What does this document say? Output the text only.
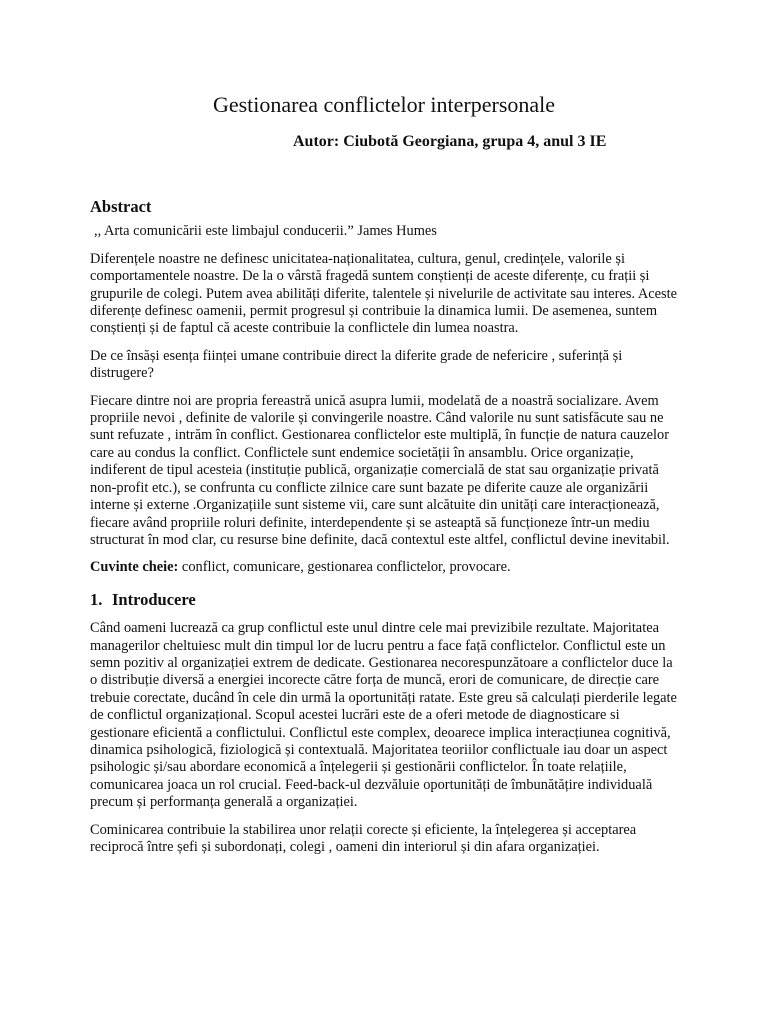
Gestionarea conflictelor interpersonale
Autor: Ciubotă Georgiana, grupa 4, anul 3 IE
Abstract
,, Arta comunicării este limbajul conducerii.” James Humes

Diferențele noastre ne definesc unicitatea-naționalitatea, cultura, genul, credințele, valorile și comportamentele noastre. De la o vârstă fragedă suntem conștienți de aceste diferențe, cu frații și grupurile de colegi. Putem avea abilități diferite, talentele și nivelurile de activitate sau interes. Aceste diferențe definesc oamenii, permit progresul și contribuie la dinamica lumii. De asemenea, suntem conștienți și de faptul că aceste contribuie la conflictele din lumea noastra.

De ce însăși esența ființei umane contribuie direct la diferite grade de nefericire , suferință și distrugere?

Fiecare dintre noi are propria fereastră unică asupra lumii, modelată de a noastră socializare. Avem propriile nevoi , definite de valorile și convingerile noastre. Când valorile nu sunt satisfăcute sau ne sunt refuzate , intrăm în conflict. Gestionarea conflictelor este multiplă, în funcție de natura cauzelor care au condus la conflict. Conflictele sunt endemice societății în ansamblu. Orice organizație, indiferent de tipul acesteia (instituție publică, organizație comercială de stat sau organizație privată non-profit etc.), se confrunta cu conflicte zilnice care sunt bazate pe diferite cauze ale organizării interne și externe .Organizațiile sunt sisteme vii, care sunt alcătuite din unități care interacționează, fiecare având propriile roluri definite, interdependente și se asteaptă să funcționeze într-un mediu structurat în mod clar, cu resurse bine definite, dacă contextul este altfel, conflictul devine inevitabil.

Cuvinte cheie: conflict, comunicare, gestionarea conflictelor, provocare.

1. Introducere

Când oameni lucrează ca grup conflictul este unul dintre cele mai previzibile rezultate. Majoritatea managerilor cheltuiesc mult din timpul lor de lucru pentru a face față conflictelor. Conflictul este un semn pozitiv al organizației extrem de dedicate. Gestionarea necorespunzătoare a conflictelor duce la o distribuție diversă a energiei incorecte către forța de muncă, erori de comunicare, de direcție care trebuie corectate, ducând în cele din urmă la oportunități ratate. Este greu să calculați pierderile legate de conflictul organizațional. Scopul acestei lucrări este de a oferi metode de diagnosticare si gestionare eficientă a conflictului. Conflictul este complex, deoarece implica interacțiunea cognitivă, dinamica psihologică, fiziologică și contextuală. Majoritatea teoriilor conflictuale iau doar un aspect psihologic și/sau abordare economică a înțelegerii și gestionării conflictelor. În toate relațiile, comunicarea joaca un rol crucial. Feed-back-ul dezvăluie oportunități de îmbunătățire individuală precum și performanța generală a organizației.

Cominicarea contribuie la stabilirea unor relații corecte și eficiente, la înțelegerea și acceptarea reciprocă între șefi și subordonați, colegi , oameni din interiorul și din afara organizației.
